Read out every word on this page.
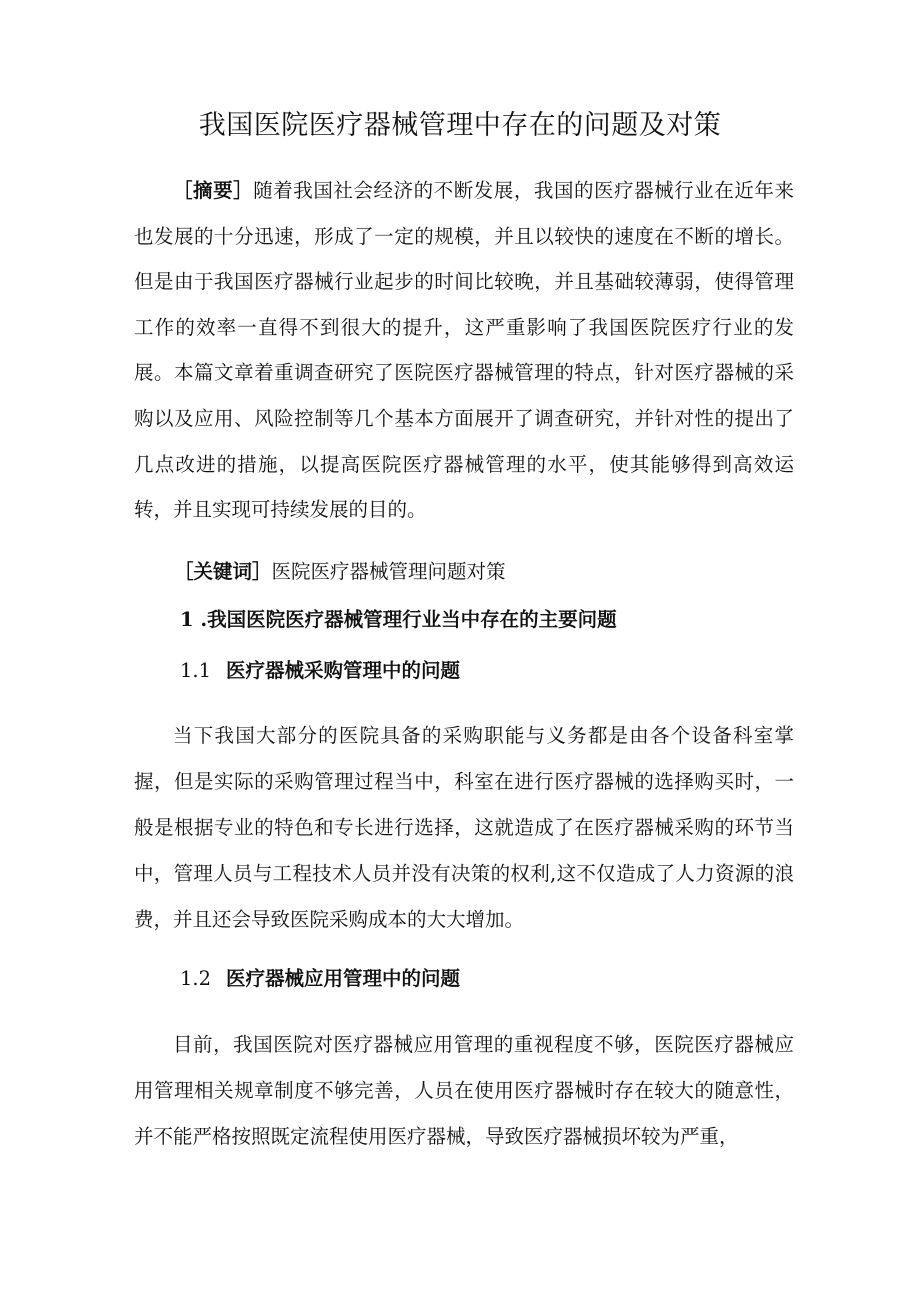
我国医院医疗器械管理中存在的问题及对策

［摘要］随着我国社会经济的不断发展，我国的医疗器械行业在近年来也发展的十分迅速，形成了一定的规模，并且以较快的速度在不断的增长。但是由于我国医疗器械行业起步的时间比较晚，并且基础较薄弱，使得管理工作的效率一直得不到很大的提升，这严重影响了我国医院医疗行业的发展。本篇文章着重调查研究了医院医疗器械管理的特点，针对医疗器械的采购以及应用、风险控制等几个基本方面展开了调查研究，并针对性的提出了几点改进的措施，以提高医院医疗器械管理的水平，使其能够得到高效运转，并且实现可持续发展的目的。

［关键词］医院医疗器械管理问题对策
1 .我国医院医疗器械管理行业当中存在的主要问题
1.1 医疗器械采购管理中的问题

当下我国大部分的医院具备的采购职能与义务都是由各个设备科室掌握，但是实际的采购管理过程当中，科室在进行医疗器械的选择购买时，一般是根据专业的特色和专长进行选择，这就造成了在医疗器械采购的环节当中，管理人员与工程技术人员并没有决策的权利,这不仅造成了人力资源的浪费，并且还会导致医院采购成本的大大增加。

1.2 医疗器械应用管理中的问题

目前，我国医院对医疗器械应用管理的重视程度不够，医院医疗器械应用管理相关规章制度不够完善，人员在使用医疗器械时存在较大的随意性，并不能严格按照既定流程使用医疗器械，导致医疗器械损坏较为严重，
